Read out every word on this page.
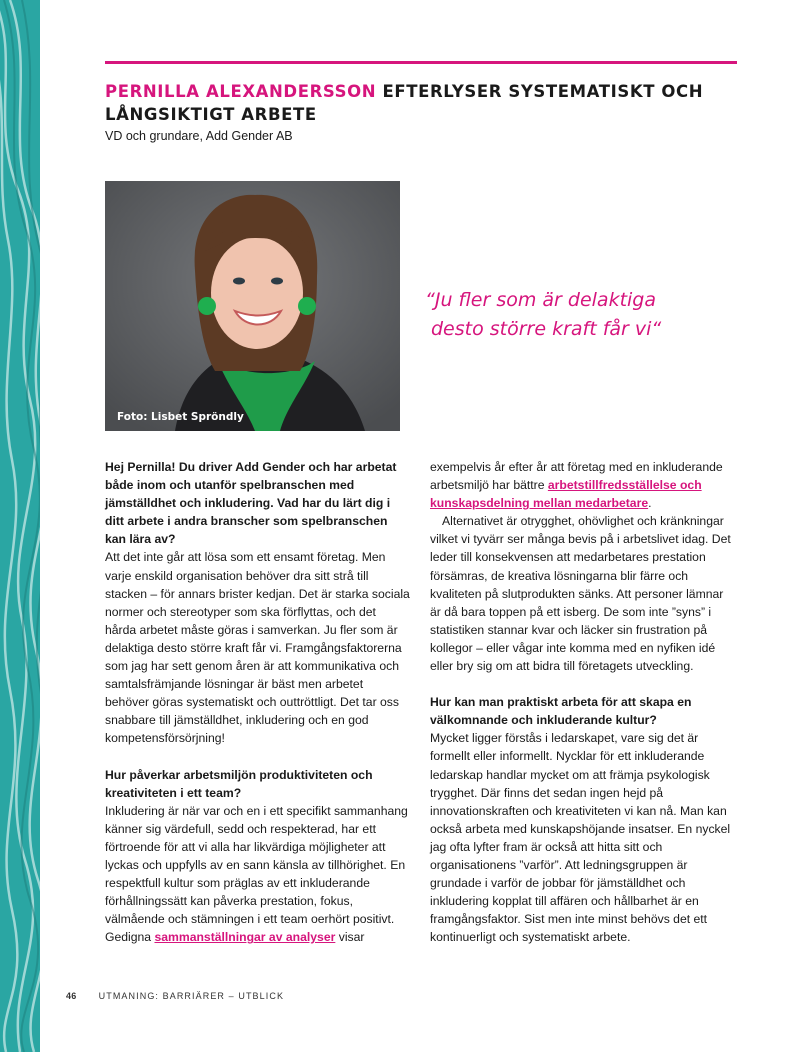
PERNILLA ALEXANDERSSON EFTERLYSER SYSTEMATISKT OCH LÅNGSIKTIGT ARBETE
VD och grundare, Add Gender AB
Foto: Lisbet Spröndly

“Ju fler som är delaktiga
desto större kraft får vi“

Hej Pernilla! Du driver Add Gender och har arbetat både inom och utanför spelbranschen med jämställdhet och inkludering. Vad har du lärt dig i ditt arbete i andra branscher som spelbranschen kan lära av?

Att det inte går att lösa som ett ensamt företag. Men varje enskild organisation behöver dra sitt strå till stacken – för annars brister kedjan. Det är starka sociala normer och stereotyper som ska förflyttas, och det hårda arbetet måste göras i samverkan. Ju fler som är delaktiga desto större kraft får vi. Framgångsfaktorerna som jag har sett genom åren är att kommunikativa och samtalsfrämjande lösningar är bäst men arbetet behöver göras systematiskt och outtröttligt. Det tar oss snabbare till jämställdhet, inkludering och en god kompetensförsörjning!

Hur påverkar arbetsmiljön produktiviteten och kreativiteten i ett team?

Inkludering är när var och en i ett specifikt sammanhang känner sig värdefull, sedd och respekterad, har ett förtroende för att vi alla har likvärdiga möjligheter att lyckas och uppfylls av en sann känsla av tillhörighet. En respektfull kultur som präglas av ett inkluderande förhållningssätt kan påverka prestation, fokus, välmående och stämningen i ett team oerhört positivt. Gedigna sammanställningar av analyser visar

exempelvis år efter år att företag med en inkluderande arbetsmiljö har bättre arbetstillfredsställelse och kunskapsdelning mellan medarbetare.

Alternativet är otrygghet, ohövlighet och kränkningar vilket vi tyvärr ser många bevis på i arbetslivet idag. Det leder till konsekvensen att medarbetares prestation försämras, de kreativa lösningarna blir färre och kvaliteten på slutprodukten sänks. Att personer lämnar är då bara toppen på ett isberg. De som inte ”syns” i statistiken stannar kvar och läcker sin frustration på kollegor – eller vågar inte komma med en nyfiken idé eller bry sig om att bidra till företagets utveckling.

Hur kan man praktiskt arbeta för att skapa en välkomnande och inkluderande kultur?

Mycket ligger förstås i ledarskapet, vare sig det är formellt eller informellt. Nycklar för ett inkluderande ledarskap handlar mycket om att främja psykologisk trygghet. Där finns det sedan ingen hejd på innovationskraften och kreativiteten vi kan nå. Man kan också arbeta med kunskapshöjande insatser. En nyckel jag ofta lyfter fram är också att hitta sitt och organisationens ”varför”. Att ledningsgruppen är grundade i varför de jobbar för jämställdhet och inkludering kopplat till affären och hållbarhet är en framgångsfaktor. Sist men inte minst behövs det ett kontinuerligt och systematiskt arbete.

46 UTMANING: BARRIÄRER – UTBLICK
